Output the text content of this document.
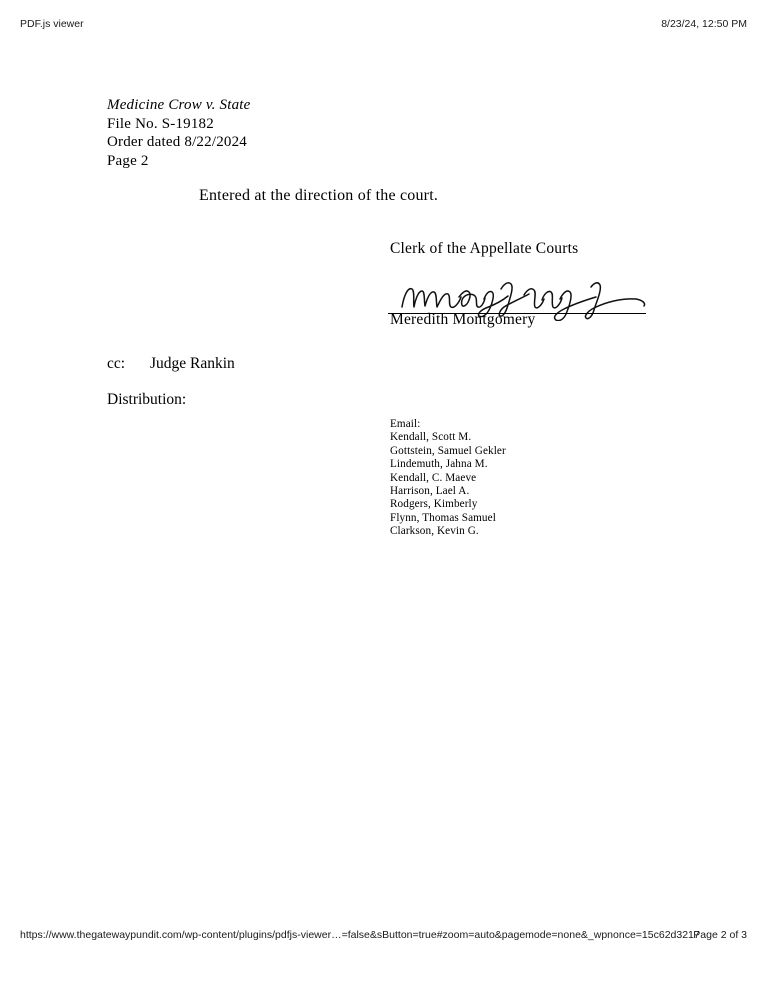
PDF.js viewer	8/23/24, 12:50 PM
Medicine Crow v. State
File No. S-19182
Order dated 8/22/2024
Page 2
Entered at the direction of the court.
Clerk of the Appellate Courts
Meredith Montgomery
cc: Judge Rankin
Distribution:
Email:
Kendall, Scott M.
Gottstein, Samuel Gekler
Lindemuth, Jahna M.
Kendall, C. Maeve
Harrison, Lael A.
Rodgers, Kimberly
Flynn, Thomas Samuel
Clarkson, Kevin G.
https://www.thegatewaypundit.com/wp-content/plugins/pdfjs-viewer…=false&sButton=true#zoom=auto&pagemode=none&_wpnonce=15c62d3217
Page 2 of 3
